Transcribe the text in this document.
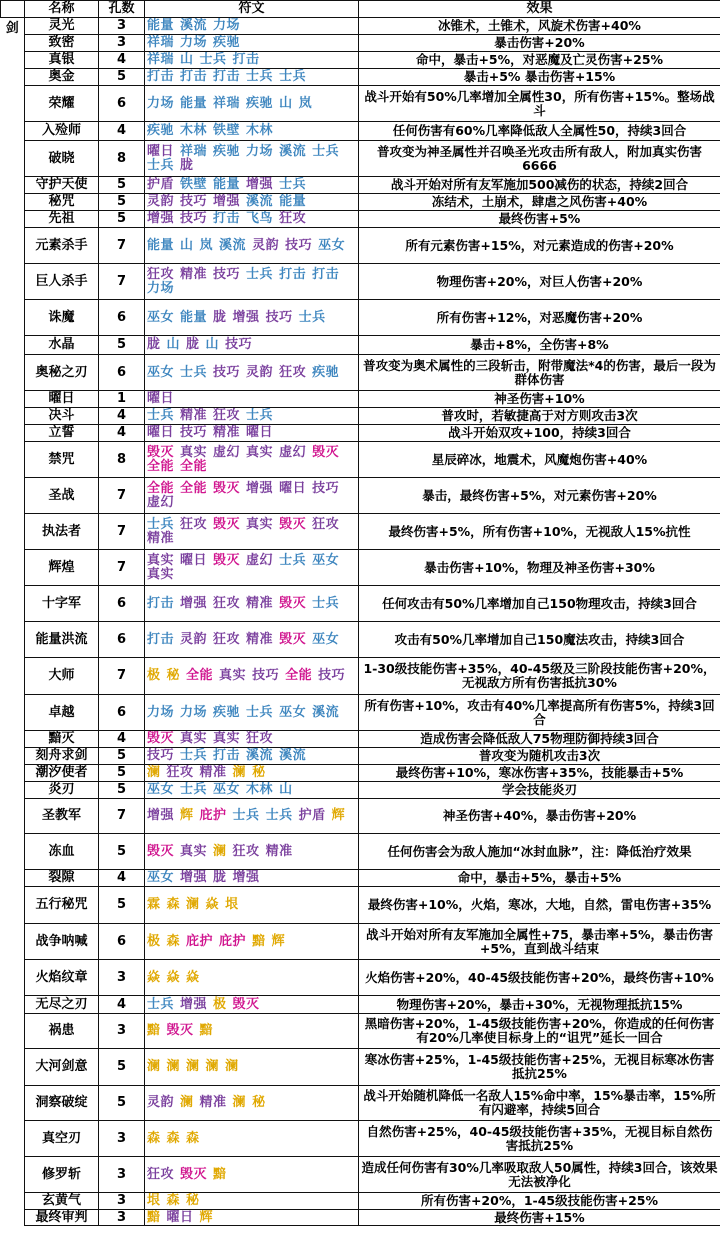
	名称	孔数	符文	效果
剑	灵光	3	能量 溪流 力场	冰锥术，土锥术，风旋术伤害+40%
	致密	3	祥瑞 力场 疾驰	暴击伤害+20%
	真银	4	祥瑞 山 士兵 打击	命中，暴击+5%，对恶魔及亡灵伤害+25%
	奥金	5	打击 打击 打击 士兵 士兵	暴击+5% 暴击伤害+15%
	荣耀	6	力场 能量 祥瑞 疾驰 山 岚	战斗开始有50%几率增加全属性30，所有伤害+15%。整场战斗
	入殓师	4	疾驰 木林 铁壁 木林	任何伤害有60%几率降低敌人全属性50，持续3回合
	破晓	8	曜日 祥瑞 疾驰 力场 溪流 士兵士兵 胧	普攻变为神圣属性并召唤圣光攻击所有敌人，附加真实伤害6666
	守护天使	5	护盾 铁壁 能量 增强 士兵	战斗开始对所有友军施加500减伤的状态，持续2回合
	秘咒	5	灵韵 技巧 增强 溪流 能量	冻结术，土崩术，肆虐之风伤害+40%
	先祖	5	增强 技巧 打击 飞鸟 狂攻	最终伤害+5%
	元素杀手	7	能量 山 岚 溪流 灵韵 技巧 巫女	所有元素伤害+15%，对元素造成的伤害+20%
	巨人杀手	7	狂攻 精准 技巧 士兵 打击 打击力场	物理伤害+20%，对巨人伤害+20%
	诛魔	6	巫女 能量 胧 增强 技巧 士兵	所有伤害+12%，对恶魔伤害+20%
	水晶	5	胧 山 胧 山 技巧	暴击+8%，全伤害+8%
	奥秘之刃	6	巫女 士兵 技巧 灵韵 狂攻 疾驰	普攻变为奥术属性的三段斩击，附带魔法*4的伤害，最后一段为群体伤害
	曜日	1	曜日	神圣伤害+10%
	决斗	4	士兵 精准 狂攻 士兵	普攻时，若敏捷高于对方则攻击3次
	立誓	4	曜日 技巧 精准 曜日	战斗开始双攻+100，持续3回合
	禁咒	8	毁灭 真实 虚幻 真实 虚幻 毁灭全能 全能	星辰碎冰，地震术，风魔炮伤害+40%
	圣战	7	全能 全能 毁灭 增强 曜日 技巧虚幻	暴击，最终伤害+5%，对元素伤害+20%
	执法者	7	士兵 狂攻 毁灭 真实 毁灭 狂攻精准	最终伤害+5%，所有伤害+10%，无视敌人15%抗性
	辉煌	7	真实 曜日 毁灭 虚幻 士兵 巫女真实	暴击伤害+10%，物理及神圣伤害+30%
	十字军	6	打击 增强 狂攻 精准 毁灭 士兵	任何攻击有50%几率增加自己150物理攻击，持续3回合
	能量洪流	6	打击 灵韵 狂攻 精准 毁灭 巫女	攻击有50%几率增加自己150魔法攻击，持续3回合
	大师	7	极 秘 全能 真实 技巧 全能 技巧	1-30级技能伤害+35%，40-45级及三阶段技能伤害+20%，无视敌方所有伤害抵抗30%
	卓越	6	力场 力场 疾驰 士兵 巫女 溪流	所有伤害+10%，攻击有40%几率提高所有伤害5%，持续3回合
	黯灭	4	毁灭 真实 真实 狂攻	造成伤害会降低敌人75物理防御持续3回合
	刻舟求剑	5	技巧 士兵 打击 溪流 溪流	普攻变为随机攻击3次
	潮汐使者	5	澜 狂攻 精准 澜 秘	最终伤害+10%，寒冰伤害+35%，技能暴击+5%
	炎刃	5	巫女 士兵 巫女 木林 山	学会技能炎刃
	圣教军	7	增强 辉 庇护 士兵 士兵 护盾 辉	神圣伤害+40%，暴击伤害+20%
	冻血	5	毁灭 真实 澜 狂攻 精准	任何伤害会为敌人施加“冰封血脉”，注：降低治疗效果
	裂隙	4	巫女 增强 胧 增强	命中，暴击+5%，暴击+5%
	五行秘咒	5	霖 森 澜 焱 垠	最终伤害+10%，火焰，寒冰，大地，自然，雷电伤害+35%
	战争呐喊	6	极 森 庇护 庇护 黯 辉	战斗开始对所有友军施加全属性+75，暴击率+5%，暴击伤害+5%，直到战斗结束
	火焰纹章	3	焱 焱 焱	火焰伤害+20%，40-45级技能伤害+20%，最终伤害+10%
	无尽之刃	4	士兵 增强 极 毁灭	物理伤害+20%，暴击+30%，无视物理抵抗15%
	祸患	3	黯 毁灭 黯	黑暗伤害+20%，1-45级技能伤害+20%，你造成的任何伤害有20%几率使目标身上的“诅咒”延长一回合
	大河剑意	5	澜 澜 澜 澜 澜	寒冰伤害+25%，1-45级技能伤害+25%，无视目标寒冰伤害抵抗25%
	洞察破绽	5	灵韵 澜 精准 澜 秘	战斗开始随机降低一名敌人15%命中率，15%暴击率，15%所有闪避率，持续5回合
	真空刃	3	森 森 森	自然伤害+25%，40-45级技能伤害+35%，无视目标自然伤害抵抗25%
	修罗斩	3	狂攻 毁灭 黯	造成任何伤害有30%几率吸取敌人50属性，持续3回合，该效果无法被净化
	玄黄气	3	垠 森 秘	所有伤害+20%，1-45级技能伤害+25%
	最终审判	3	黯 曜日 辉	最终伤害+15%
